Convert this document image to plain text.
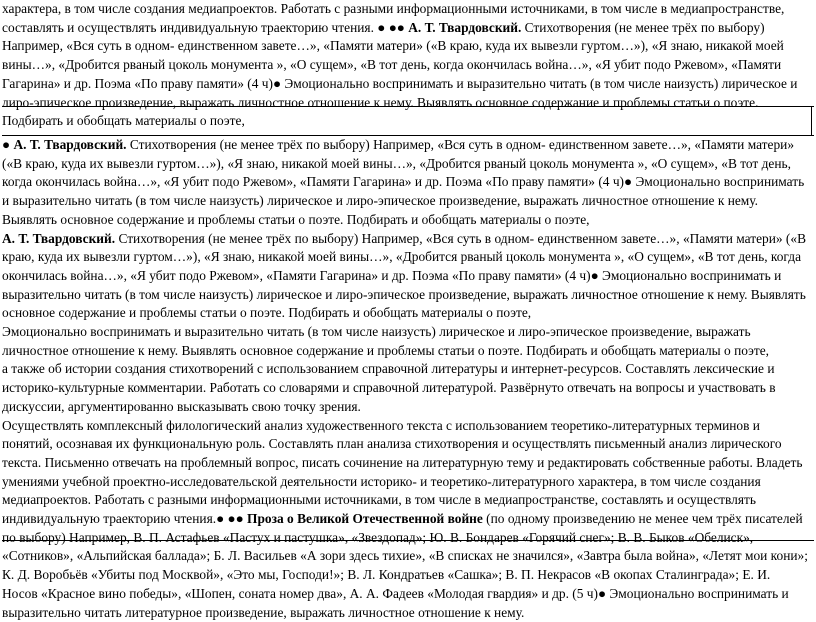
характера, в том числе создания медиапроектов. Работать с разными информационными источниками, в том числе в медиапространстве,
составлять и осуществлять индивидуальную траекторию чтения. ● ●● А. Т. Твардовский. Стихотворения (не менее трёх по выбору)
Например, «Вся суть в одном- единственном завете…», «Памяти матери» («В краю, куда их вывезли гуртом…»), «Я знаю, никакой моей
вины…», «Дробится рваный цоколь монумента », «О сущем», «В тот день, когда окончилась война…», «Я убит подо Ржевом», «Памяти
Гагарина» и др. Поэма «По праву памяти» (4 ч)● Эмоционально воспринимать и выразительно читать (в том числе наизусть) лирическое и
лиро-эпическое произведение, выражать личностное отношение к нему. Выявлять основное содержание и проблемы статьи о поэте.
Подбирать и обобщать материалы о поэте,
● А. Т. Твардовский. Стихотворения (не менее трёх по выбору) Например, «Вся суть в одном- единственном завете…», «Памяти матери»
(«В краю, куда их вывезли гуртом…»), «Я знаю, никакой моей вины…», «Дробится рваный цоколь монумента », «О сущем», «В тот день,
когда окончилась война…», «Я убит подо Ржевом», «Памяти Гагарина» и др. Поэма «По праву памяти» (4 ч)● Эмоционально воспринимать
и выразительно читать (в том числе наизусть) лирическое и лиро-эпическое произведение, выражать личностное отношение к нему.
Выявлять основное содержание и проблемы статьи о поэте. Подбирать и обобщать материалы о поэте,
А. Т. Твардовский. Стихотворения (не менее трёх по выбору) Например, «Вся суть в одном- единственном завете…», «Памяти матери» («В
краю, куда их вывезли гуртом…»), «Я знаю, никакой моей вины…», «Дробится рваный цоколь монумента », «О сущем», «В тот день, когда
окончилась война…», «Я убит подо Ржевом», «Памяти Гагарина» и др. Поэма «По праву памяти» (4 ч)● Эмоционально воспринимать и
выразительно читать (в том числе наизусть) лирическое и лиро-эпическое произведение, выражать личностное отношение к нему. Выявлять
основное содержание и проблемы статьи о поэте. Подбирать и обобщать материалы о поэте,
Эмоционально воспринимать и выразительно читать (в том числе наизусть) лирическое и лиро-эпическое произведение, выражать
личностное отношение к нему. Выявлять основное содержание и проблемы статьи о поэте. Подбирать и обобщать материалы о поэте,
а также об истории создания стихотворений с использованием справочной литературы и интернет-ресурсов. Составлять лексические и
историко-культурные комментарии. Работать со словарями и справочной литературой. Развёрнуто отвечать на вопросы и участвовать в
дискуссии, аргументированно высказывать свою точку зрения.
Осуществлять комплексный филологический анализ художественного текста с использованием теоретико-литературных терминов и
понятий, осознавая их функциональную роль. Составлять план анализа стихотворения и осуществлять письменный анализ лирического
текста. Письменно отвечать на проблемный вопрос, писать сочинение на литературную тему и редактировать собственные работы. Владеть
умениями учебной проектно-исследовательской деятельности историко- и теоретико-литературного характера, в том числе создания
медиапроектов. Работать с разными информационными источниками, в том числе в медиапространстве, составлять и осуществлять
индивидуальную траекторию чтения.● ●● Проза о Великой Отечественной войне (по одному произведению не менее чем трёх писателей
по выбору) Например, В. П. Астафьев «Пастух и пастушка», «Звездопад»; Ю. В. Бондарев «Горячий снег»; В. В. Быков «Обелиск»,
«Сотников», «Альпийская баллада»; Б. Л. Васильев «А зори здесь тихие», «В списках не значился», «Завтра была война», «Летят мои кони»;
К. Д. Воробьёв «Убиты под Москвой», «Это мы, Господи!»; В. Л. Кондратьев «Сашка»; В. П. Некрасов «В окопах Сталинграда»; Е. И.
Носов «Красное вино победы», «Шопен, соната номер два», А. А. Фадеев «Молодая гвардия» и др. (5 ч)● Эмоционально воспринимать и
выразительно читать литературное произведение, выражать личностное отношение к нему.
